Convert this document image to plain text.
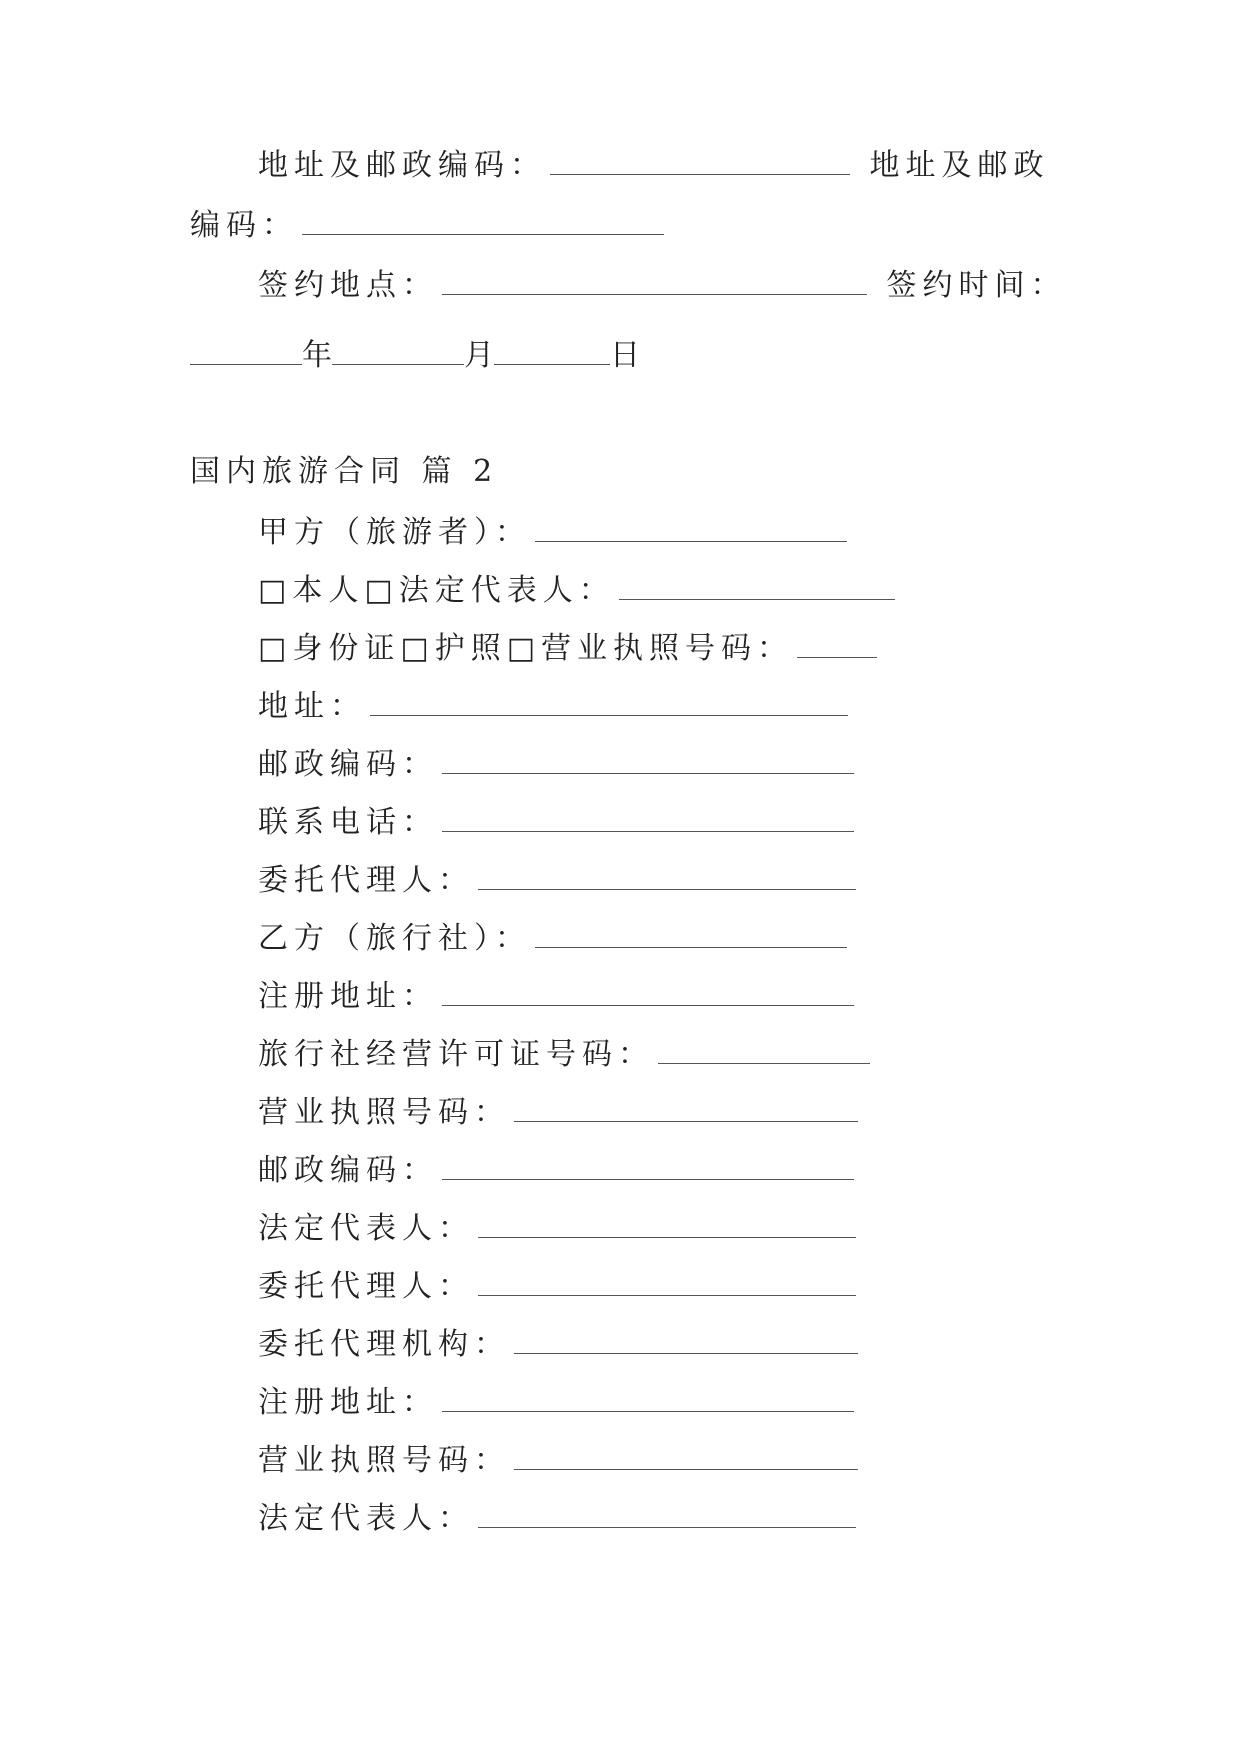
地址及邮政编码：	地址及邮政
编码：
签约地点：	签约时间：
年	月	日
国内旅游合同 篇 2
甲方（旅游者）：
□本人□法定代表人：
□身份证□护照□营业执照号码：
地址：
邮政编码：
联系电话：
委托代理人：
乙方（旅行社）：
注册地址：
旅行社经营许可证号码：
营业执照号码：
邮政编码：
法定代表人：
委托代理人：
委托代理机构：
注册地址：
营业执照号码：
法定代表人：
